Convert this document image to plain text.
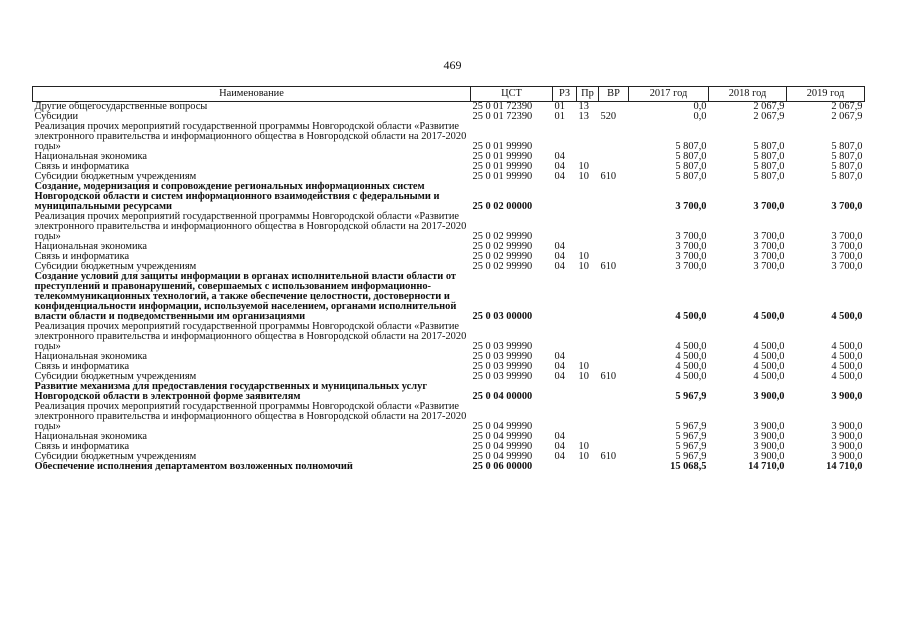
469
Наименование	ЦСТ	РЗ	Пр	ВР	2017 год	2018 год	2019 год
Другие общегосударственные вопросы	25 0 01 72390	01	13		0,0	2 067,9	2 067,9
Субсидии	25 0 01 72390	01	13	520	0,0	2 067,9	2 067,9
Реализация прочих мероприятий государственной программы Новгородской области «Развитие электронного правительства и информационного общества в Новгородской области на 2017-2020 годы»	25 0 01 99990				5 807,0	5 807,0	5 807,0
Национальная экономика	25 0 01 99990	04			5 807,0	5 807,0	5 807,0
Связь и информатика	25 0 01 99990	04	10		5 807,0	5 807,0	5 807,0
Субсидии бюджетным учреждениям	25 0 01 99990	04	10	610	5 807,0	5 807,0	5 807,0
Создание, модернизация и сопровождение региональных информационных систем Новгородской области и систем информационного взаимодействия с федеральными и муниципальными ресурсами	25 0 02 00000				3 700,0	3 700,0	3 700,0
Реализация прочих мероприятий государственной программы Новгородской области «Развитие электронного правительства и информационного общества в Новгородской области на 2017-2020 годы»	25 0 02 99990				3 700,0	3 700,0	3 700,0
Национальная экономика	25 0 02 99990	04			3 700,0	3 700,0	3 700,0
Связь и информатика	25 0 02 99990	04	10		3 700,0	3 700,0	3 700,0
Субсидии бюджетным учреждениям	25 0 02 99990	04	10	610	3 700,0	3 700,0	3 700,0
Создание условий для защиты информации в органах исполнительной власти области от преступлений и правонарушений, совершаемых с использованием информационно-телекоммуникационных технологий, а также обеспечение целостности, достоверности и конфиденциальности информации, используемой населением, органами исполнительной власти области и подведомственными им организациями	25 0 03 00000				4 500,0	4 500,0	4 500,0
Реализация прочих мероприятий государственной программы Новгородской области «Развитие электронного правительства и информационного общества в Новгородской области на 2017-2020 годы»	25 0 03 99990				4 500,0	4 500,0	4 500,0
Национальная экономика	25 0 03 99990	04			4 500,0	4 500,0	4 500,0
Связь и информатика	25 0 03 99990	04	10		4 500,0	4 500,0	4 500,0
Субсидии бюджетным учреждениям	25 0 03 99990	04	10	610	4 500,0	4 500,0	4 500,0
Развитие механизма для предоставления государственных и муниципальных услуг Новгородской области в электронной форме заявителям	25 0 04 00000				5 967,9	3 900,0	3 900,0
Реализация прочих мероприятий государственной программы Новгородской области «Развитие электронного правительства и информационного общества в Новгородской области на 2017-2020 годы»	25 0 04 99990				5 967,9	3 900,0	3 900,0
Национальная экономика	25 0 04 99990	04			5 967,9	3 900,0	3 900,0
Связь и информатика	25 0 04 99990	04	10		5 967,9	3 900,0	3 900,0
Субсидии бюджетным учреждениям	25 0 04 99990	04	10	610	5 967,9	3 900,0	3 900,0
Обеспечение исполнения департаментом возложенных полномочий	25 0 06 00000				15 068,5	14 710,0	14 710,0
